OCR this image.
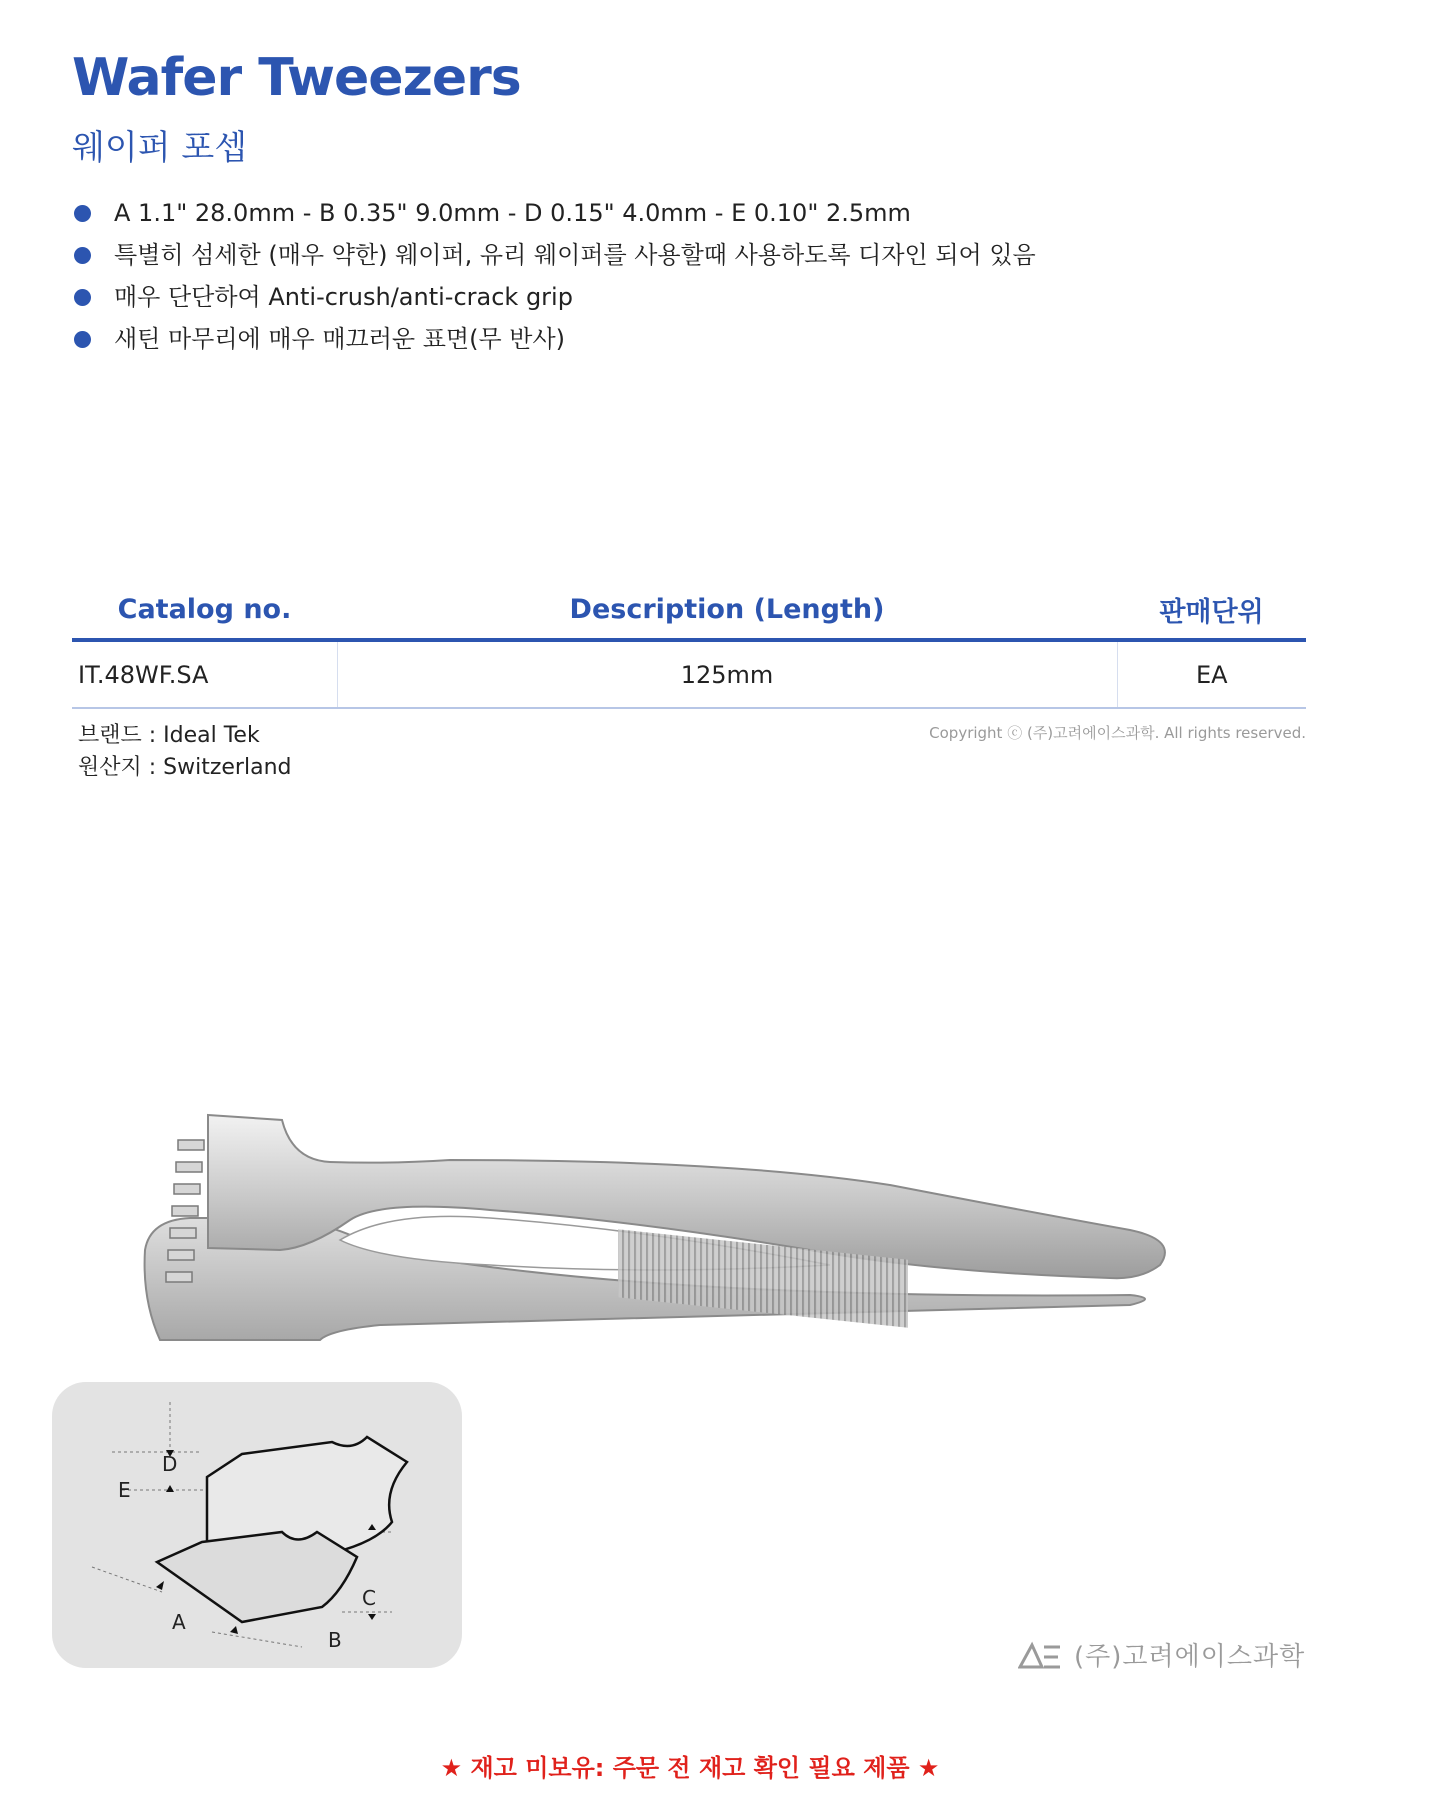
Wafer Tweezers
웨이퍼 포셉
A 1.1" 28.0mm - B 0.35" 9.0mm - D 0.15" 4.0mm - E 0.10" 2.5mm
특별히 섬세한 (매우 약한) 웨이퍼, 유리 웨이퍼를 사용할때 사용하도록 디자인 되어 있음
매우 단단하여 Anti-crush/anti-crack grip
새틴 마무리에 매우 매끄러운 표면(무 반사)
Catalog no.	Description (Length)	판매단위
IT.48WF.SA	125mm	EA
브랜드 : Ideal Tek
원산지 : Switzerland
Copyright ⓒ (주)고려에이스과학. All rights reserved.
D
E
C
A
B
(주)고려에이스과학
★ 재고 미보유: 주문 전 재고 확인 필요 제품 ★
